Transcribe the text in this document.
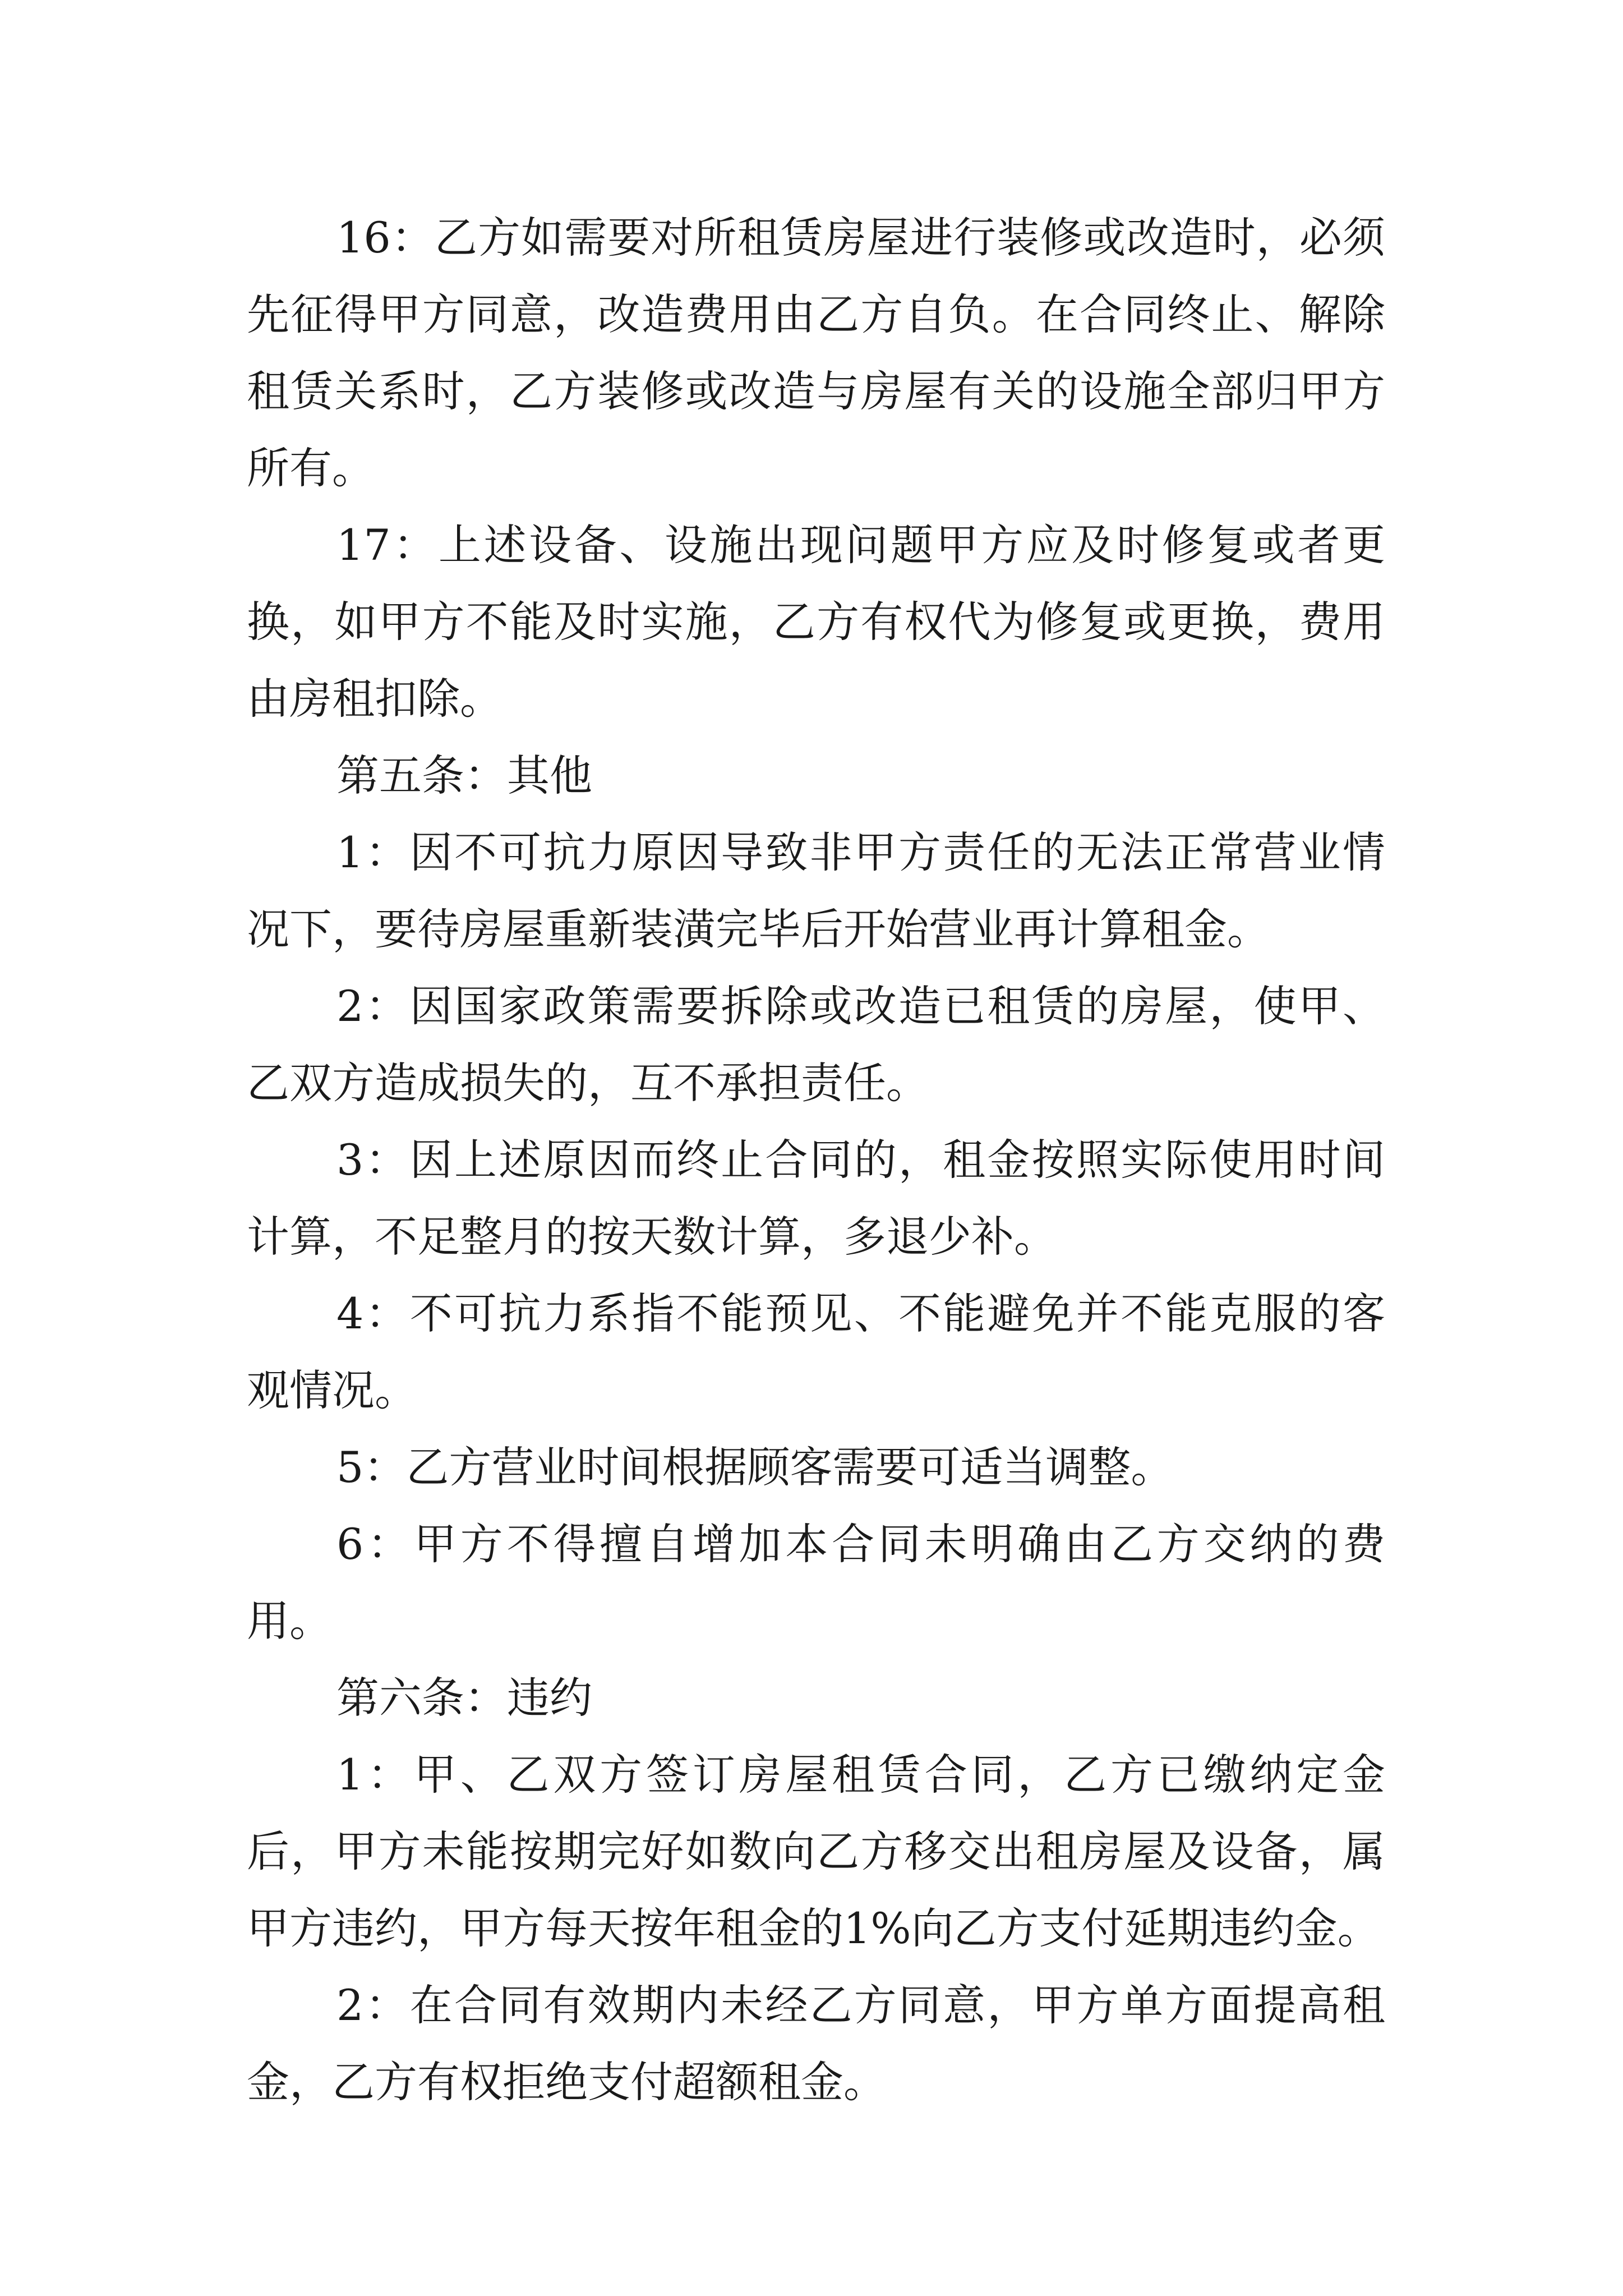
16：乙方如需要对所租赁房屋进行装修或改造时，必须先征得甲方同意，改造费用由乙方自负。在合同终止、解除租赁关系时，乙方装修或改造与房屋有关的设施全部归甲方所有。

17：上述设备、设施出现问题甲方应及时修复或者更换，如甲方不能及时实施，乙方有权代为修复或更换，费用由房租扣除。

第五条：其他

1：因不可抗力原因导致非甲方责任的无法正常营业情况下，要待房屋重新装潢完毕后开始营业再计算租金。

2：因国家政策需要拆除或改造已租赁的房屋，使甲、乙双方造成损失的，互不承担责任。

3：因上述原因而终止合同的，租金按照实际使用时间计算，不足整月的按天数计算，多退少补。

4：不可抗力系指不能预见、不能避免并不能克服的客观情况。

5：乙方营业时间根据顾客需要可适当调整。

6：甲方不得擅自增加本合同未明确由乙方交纳的费用。

第六条：违约

1：甲、乙双方签订房屋租赁合同，乙方已缴纳定金后，甲方未能按期完好如数向乙方移交出租房屋及设备，属甲方违约，甲方每天按年租金的1%向乙方支付延期违约金。

2：在合同有效期内未经乙方同意，甲方单方面提高租金，乙方有权拒绝支付超额租金。
